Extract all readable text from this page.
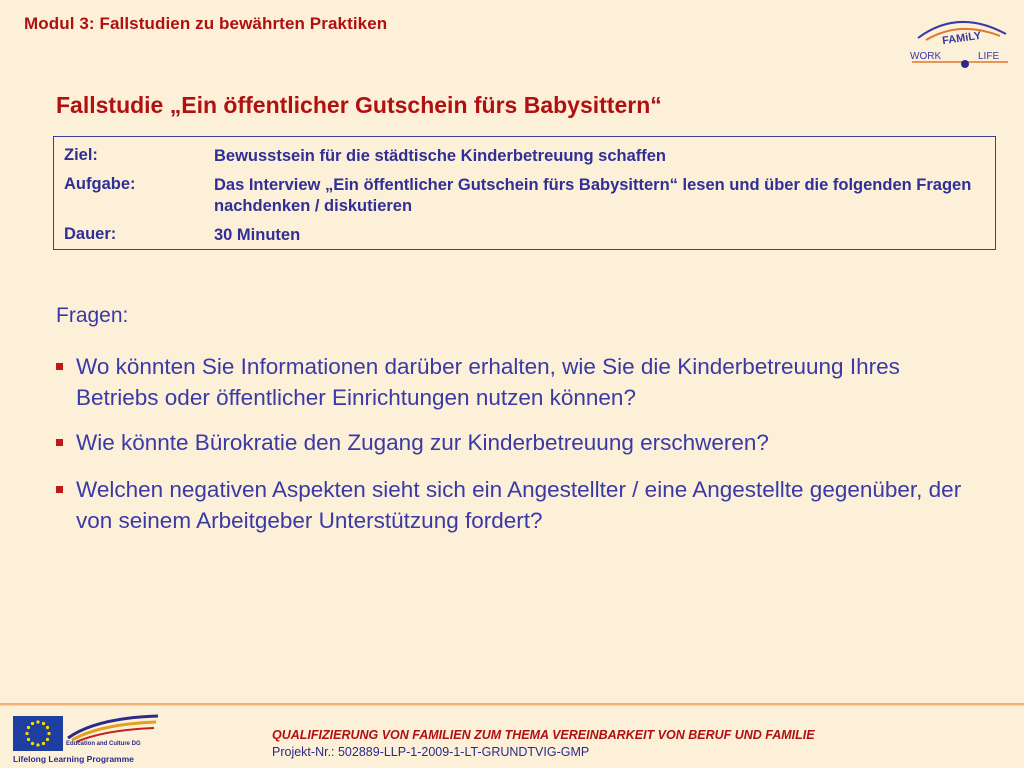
Modul 3: Fallstudien zu bewährten Praktiken
FAMiLY
WORK	LIFE
Fallstudie „Ein öffentlicher Gutschein fürs Babysittern“
Ziel:	Bewusstsein für die städtische Kinderbetreuung schaffen
Aufgabe:	Das Interview „Ein öffentlicher Gutschein fürs Babysittern“ lesen und über die folgenden Fragen nachdenken / diskutieren
Dauer:	30 Minuten
Fragen:
Wo könnten Sie Informationen darüber erhalten, wie Sie die Kinderbetreuung Ihres Betriebs oder öffentlicher Einrichtungen nutzen können?
Wie könnte Bürokratie den Zugang zur Kinderbetreuung erschweren?
Welchen negativen Aspekten sieht sich ein Angestellter / eine Angestellte gegenüber, der von seinem Arbeitgeber Unterstützung fordert?
Education and Culture DG
Lifelong Learning Programme
QUALIFIZIERUNG VON FAMILIEN ZUM THEMA VEREINBARKEIT VON BERUF UND FAMILIE
Projekt-Nr.: 502889-LLP-1-2009-1-LT-GRUNDTVIG-GMP
